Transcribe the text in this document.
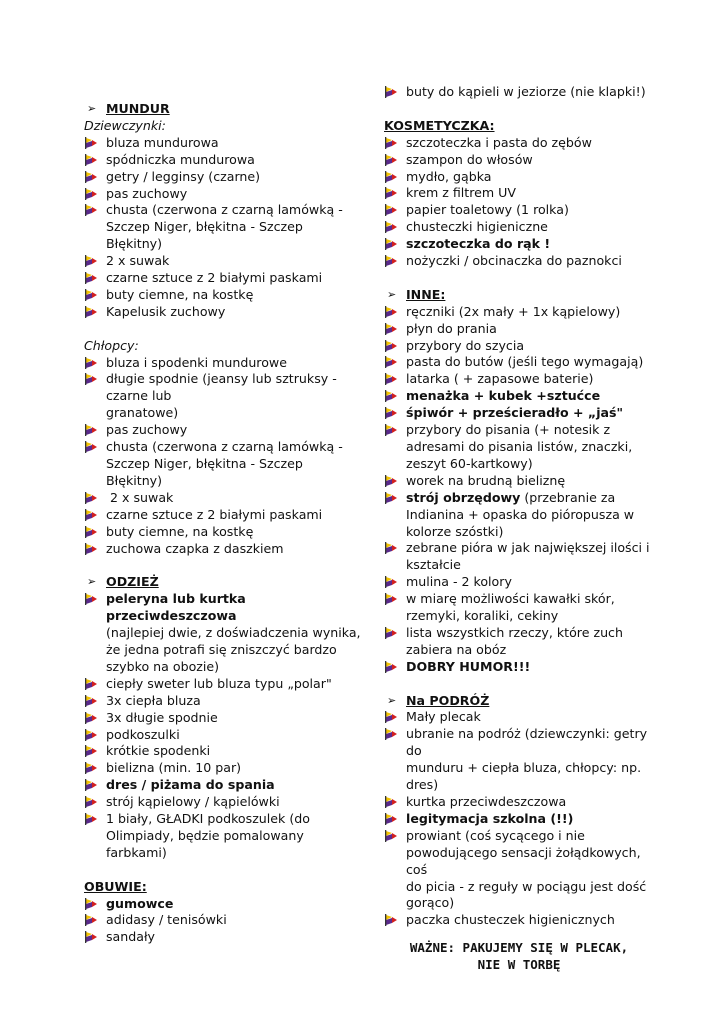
➢ MUNDUR
Dziewczynki:
bluza mundurowa
spódniczka mundurowa
getry / legginsy (czarne)
pas zuchowy
chusta (czerwona z czarną lamówką -
Szczep Niger, błękitna - Szczep
Błękitny)
2 x suwak
czarne sztuce z 2 białymi paskami
buty ciemne, na kostkę
Kapelusik zuchowy
Chłopcy:
bluza i spodenki mundurowe
długie spodnie (jeansy lub sztruksy -
czarne lub
granatowe)
pas zuchowy
chusta (czerwona z czarną lamówką -
Szczep Niger, błękitna - Szczep
Błękitny)
2 x suwak
czarne sztuce z 2 białymi paskami
buty ciemne, na kostkę
zuchowa czapka z daszkiem
➢ ODZIEŻ
peleryna lub kurtka przeciwdeszczowa
(najlepiej dwie, z doświadczenia wynika,
że jedna potrafi się zniszczyć bardzo
szybko na obozie)
ciepły sweter lub bluza typu „polar"
3x ciepła bluza
3x długie spodnie
podkoszulki
krótkie spodenki
bielizna (min. 10 par)
dres / piżama do spania
strój kąpielowy / kąpielówki
1 biały, GŁADKI podkoszulek (do
Olimpiady, będzie pomalowany farbkami)
OBUWIE:
gumowce
adidasy / tenisówki
sandały
buty do kąpieli w jeziorze (nie klapki!)
KOSMETYCZKA:
szczoteczka i pasta do zębów
szampon do włosów
mydło, gąbka
krem z filtrem UV
papier toaletowy (1 rolka)
chusteczki higieniczne
szczoteczka do rąk !
nożyczki / obcinaczka do paznokci
➢ INNE:
ręczniki (2x mały + 1x kąpielowy)
płyn do prania
przybory do szycia
pasta do butów (jeśli tego wymagają)
latarka ( + zapasowe baterie)
menażka + kubek +sztućce
śpiwór + prześcieradło + „jaś"
przybory do pisania (+ notesik z
adresami do pisania listów, znaczki,
zeszyt 60-kartkowy)
worek na brudną bieliznę
strój obrzędowy (przebranie za
Indianina + opaska do pióropusza w
kolorze szóstki)
zebrane pióra w jak największej ilości i
kształcie
mulina - 2 kolory
w miarę możliwości kawałki skór,
rzemyki, koraliki, cekiny
lista wszystkich rzeczy, które zuch
zabiera na obóz
DOBRY HUMOR!!!
➢ Na PODRÓŻ
Mały plecak
ubranie na podróż (dziewczynki: getry do
munduru + ciepła bluza, chłopcy: np. dres)
kurtka przeciwdeszczowa
legitymacja szkolna (!!)
prowiant (coś sycącego i nie
powodującego sensacji żołądkowych, coś
do picia - z reguły w pociągu jest dość
gorąco)
paczka chusteczek higienicznych
WAŻNE: PAKUJEMY SIĘ W PLECAK,
NIE W TORBĘ
